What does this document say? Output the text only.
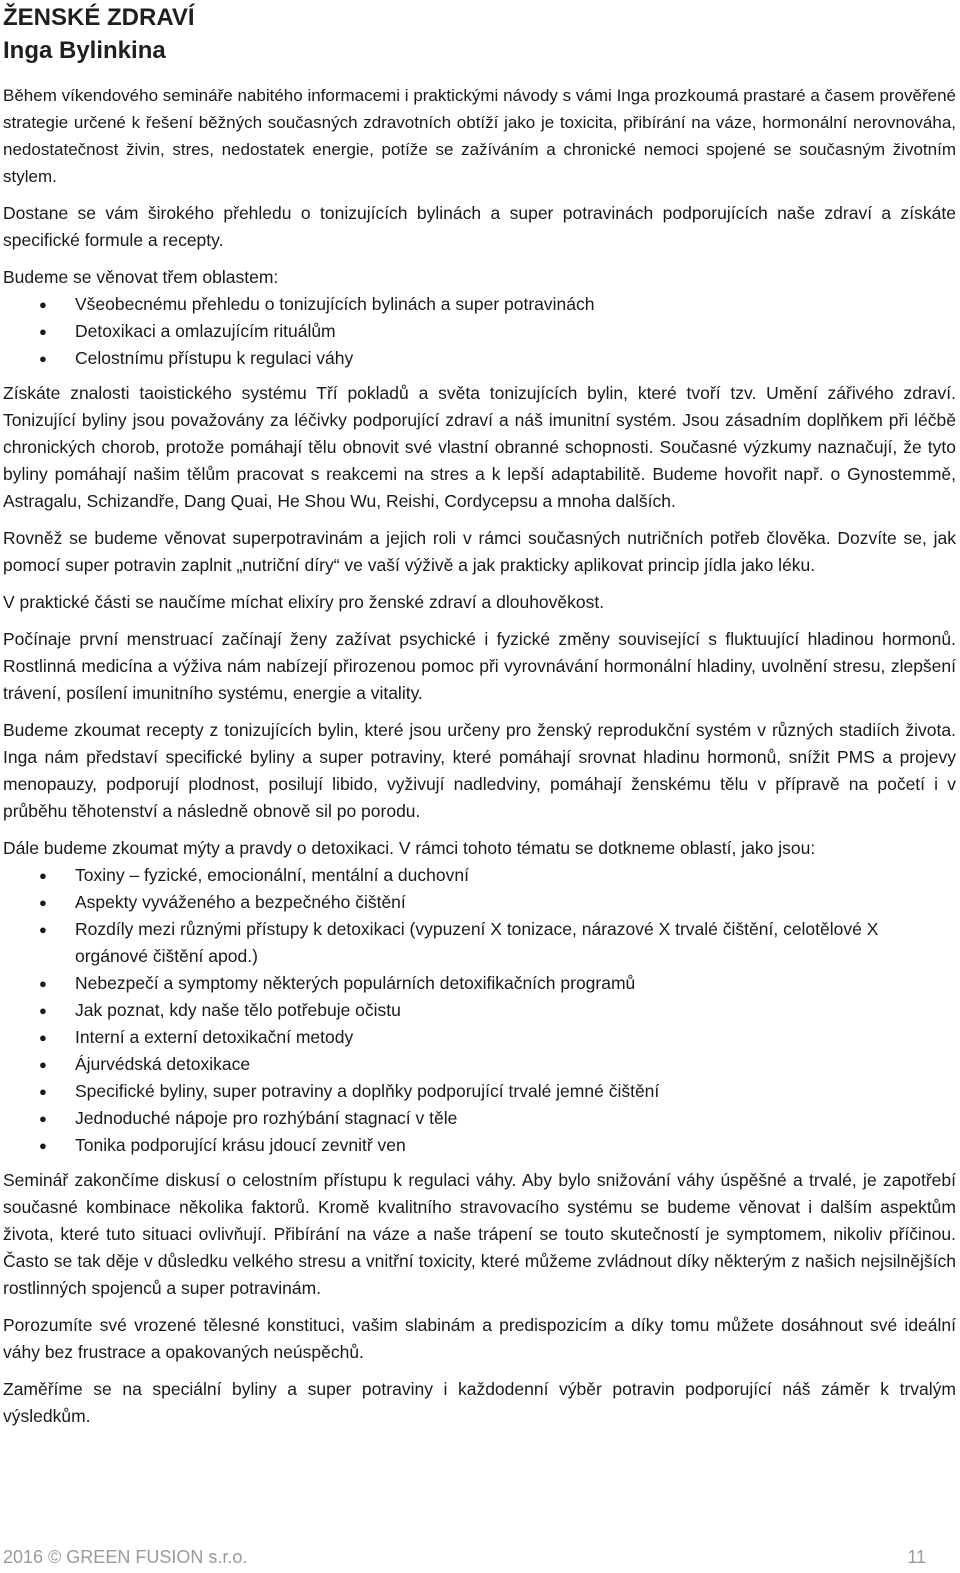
ŽENSKÉ ZDRAVÍ
Inga Bylinkina

Během víkendového semináře nabitého informacemi i praktickými návody s vámi Inga prozkoumá prastaré a časem prověřené strategie určené k řešení běžných současných zdravotních obtíží jako je toxicita, přibírání na váze, hormonální nerovnováha, nedostatečnost živin, stres, nedostatek energie, potíže se zažíváním a chronické nemoci spojené se současným životním stylem.

Dostane se vám širokého přehledu o tonizujících bylinách a super potravinách podporujících naše zdraví a získáte specifické formule a recepty.

Budeme se věnovat třem oblastem:

● Všeobecnému přehledu o tonizujících bylinách a super potravinách
● Detoxikaci a omlazujícím rituálům
● Celostnímu přístupu k regulaci váhy

Získáte znalosti taoistického systému Tří pokladů a světa tonizujících bylin, které tvoří tzv. Umění zářivého zdraví. Tonizující byliny jsou považovány za léčivky podporující zdraví a náš imunitní systém. Jsou zásadním doplňkem při léčbě chronických chorob, protože pomáhají tělu obnovit své vlastní obranné schopnosti. Současné výzkumy naznačují, že tyto byliny pomáhají našim tělům pracovat s reakcemi na stres a k lepší adaptabilitě. Budeme hovořit např. o Gynostemmě, Astragalu, Schizandře, Dang Quai, He Shou Wu, Reishi, Cordycepsu a mnoha dalších.

Rovněž se budeme věnovat superpotravinám a jejich roli v rámci současných nutričních potřeb člověka. Dozvíte se, jak pomocí super potravin zaplnit „nutriční díry“ ve vaší výživě a jak prakticky aplikovat princip jídla jako léku.

V praktické části se naučíme míchat elixíry pro ženské zdraví a dlouhověkost.

Počínaje první menstruací začínají ženy zažívat psychické i fyzické změny související s fluktuující hladinou hormonů. Rostlinná medicína a výživa nám nabízejí přirozenou pomoc při vyrovnávání hormonální hladiny, uvolnění stresu, zlepšení trávení, posílení imunitního systému, energie a vitality.

Budeme zkoumat recepty z tonizujících bylin, které jsou určeny pro ženský reprodukční systém v různých stadiích života. Inga nám představí specifické byliny a super potraviny, které pomáhají srovnat hladinu hormonů, snížit PMS a projevy menopauzy, podporují plodnost, posilují libido, vyživují nadledviny, pomáhají ženskému tělu v přípravě na početí i v průběhu těhotenství a následně obnově sil po porodu.

Dále budeme zkoumat mýty a pravdy o detoxikaci. V rámci tohoto tématu se dotkneme oblastí, jako jsou:

● Toxiny – fyzické, emocionální, mentální a duchovní
● Aspekty vyváženého a bezpečného čištění
● Rozdíly mezi různými přístupy k detoxikaci (vypuzení X tonizace, nárazové X trvalé čištění, celotělové X orgánové čištění apod.)
● Nebezpečí a symptomy některých populárních detoxifikačních programů
● Jak poznat, kdy naše tělo potřebuje očistu
● Interní a externí detoxikační metody
● Ájurvédská detoxikace
● Specifické byliny, super potraviny a doplňky podporující trvalé jemné čištění
● Jednoduché nápoje pro rozhýbání stagnací v těle
● Tonika podporující krásu jdoucí zevnitř ven

Seminář zakončíme diskusí o celostním přístupu k regulaci váhy. Aby bylo snižování váhy úspěšné a trvalé, je zapotřebí současné kombinace několika faktorů. Kromě kvalitního stravovacího systému se budeme věnovat i dalším aspektům života, které tuto situaci ovlivňují. Přibírání na váze a naše trápení se touto skutečností je symptomem, nikoliv příčinou. Často se tak děje v důsledku velkého stresu a vnitřní toxicity, které můžeme zvládnout díky některým z našich nejsilnějších rostlinných spojenců a super potravinám.

Porozumíte své vrozené tělesné konstituci, vašim slabinám a predispozicím a díky tomu můžete dosáhnout své ideální váhy bez frustrace a opakovaných neúspěchů.

Zaměříme se na speciální byliny a super potraviny i každodenní výběr potravin podporující náš záměr k trvalým výsledkům.

2016 © GREEN FUSION s.r.o.	11
